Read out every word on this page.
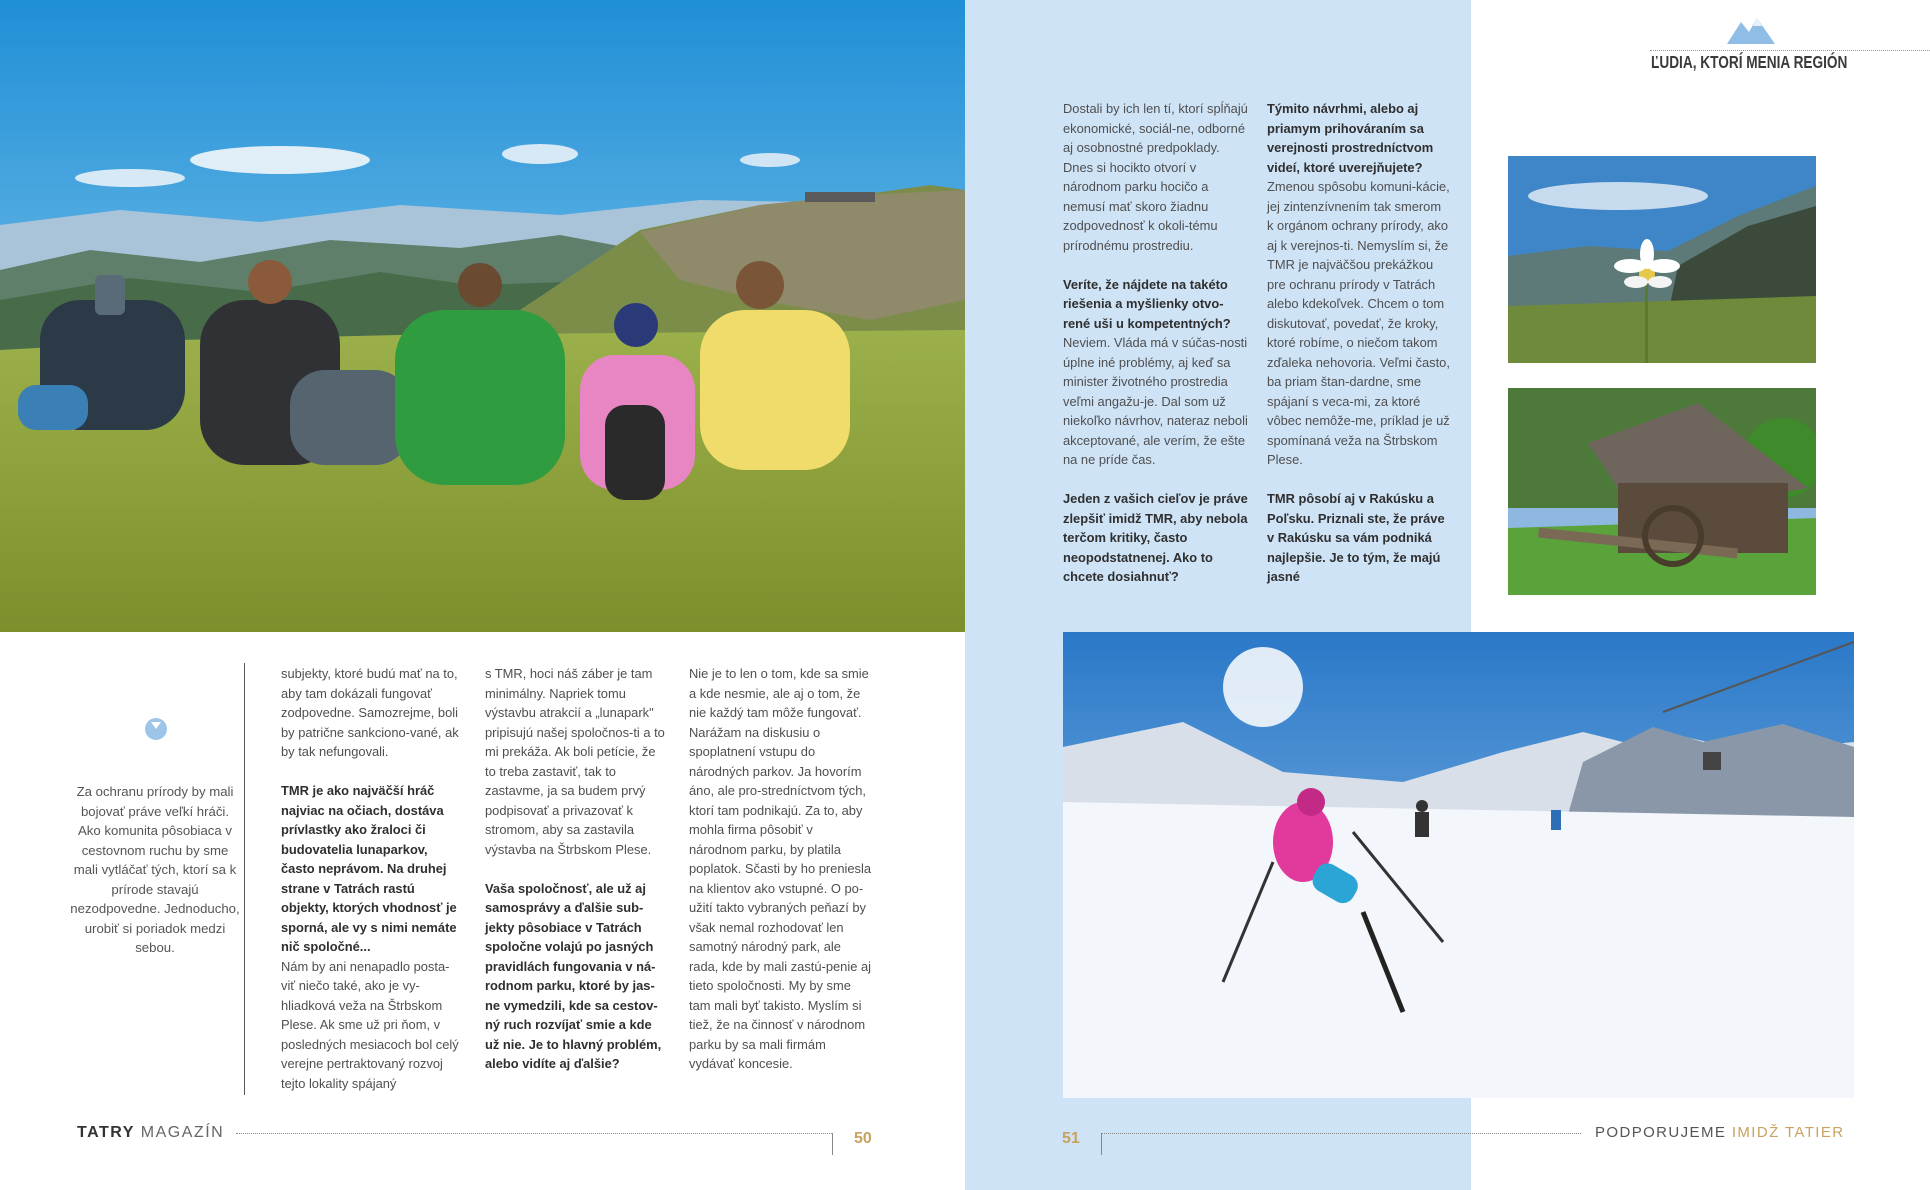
Za ochranu prírody by mali bojovať práve veľkí hráči. Ako komunita pôsobiaca v cestovnom ruchu by sme mali vytláčať tých, ktorí sa k prírode stavajú nezodpovedne. Jednoducho, urobiť si poriadok medzi sebou.

subjekty, ktoré budú mať na to, aby tam dokázali fungovať zodpovedne. Samozrejme, boli by patrične sankciono-vané, ak by tak nefungovali.

TMR je ako najväčší hráč najviac na očiach, dostáva prívlastky ako žraloci či budovatelia lunaparkov, často neprávom. Na druhej strane v Tatrách rastú objekty, ktorých vhodnosť je sporná, ale vy s nimi nemáte nič spoločné...

Nám by ani nenapadlo posta-viť niečo také, ako je vy-hliadková veža na Štrbskom Plese. Ak sme už pri ňom, v posledných mesiacoch bol celý verejne pertraktovaný rozvoj tejto lokality spájaný

s TMR, hoci náš záber je tam minimálny. Napriek tomu výstavbu atrakcií a „lunapark" pripisujú našej spoločnos-ti a to mi prekáža. Ak boli petície, že to treba zastaviť, tak to zastavme, ja sa budem prvý podpisovať a privazovať k stromom, aby sa zastavila výstavba na Štrbskom Plese.

Vaša spoločnosť, ale už aj samosprávy a ďalšie sub-jekty pôsobiace v Tatrách spoločne volajú po jasných pravidlách fungovania v ná-rodnom parku, ktoré by jas-ne vymedzili, kde sa cestov-ný ruch rozvíjať smie a kde už nie. Je to hlavný problém, alebo vidíte aj ďalšie?

Nie je to len o tom, kde sa smie a kde nesmie, ale aj o tom, že nie každý tam môže fungovať. Narážam na diskusiu o spoplatnení vstupu do národných parkov. Ja hovorím áno, ale pro-stredníctvom tých, ktorí tam podnikajú. Za to, aby mohla firma pôsobiť v národnom parku, by platila poplatok. Sčasti by ho preniesla na klientov ako vstupné. O po-užití takto vybraných peňazí by však nemal rozhodovať len samotný národný park, ale rada, kde by mali zastú-penie aj tieto spoločnosti. My by sme tam mali byť takisto. Myslím si tiež, že na činnosť v národnom parku by sa mali firmám vydávať koncesie.

TATRY MAGAZÍN	50
ĽUDIA, KTORÍ MENIA REGIÓN

Dostali by ich len tí, ktorí spĺňajú ekonomické, sociál-ne, odborné aj osobnostné predpoklady. Dnes si hocikto otvorí v národnom parku hocičo a nemusí mať skoro žiadnu zodpovednosť k okoli-tému prírodnému prostrediu.

Veríte, že nájdete na takéto riešenia a myšlienky otvo-rené uši u kompetentných?

Neviem. Vláda má v súčas-nosti úplne iné problémy, aj keď sa minister životného prostredia veľmi angažu-je. Dal som už niekoľko návrhov, nateraz neboli akceptované, ale verím, že ešte na ne príde čas.

Jeden z vašich cieľov je práve zlepšiť imidž TMR, aby nebola terčom kritiky, často neopodstatnenej. Ako to chcete dosiahnuť?

Týmito návrhmi, alebo aj priamym prihováraním sa verejnosti prostredníctvom videí, ktoré uverejňujete?

Zmenou spôsobu komuni-kácie, jej zintenzívnením tak smerom k orgánom ochrany prírody, ako aj k verejnos-ti. Nemyslím si, že TMR je najväčšou prekážkou pre ochranu prírody v Tatrách alebo kdekoľvek. Chcem o tom diskutovať, povedať, že kroky, ktoré robíme, o niečom takom zďaleka nehovoria. Veľmi často, ba priam štan-dardne, sme spájaní s veca-mi, za ktoré vôbec nemôže-me, príklad je už spomínaná veža na Štrbskom Plese.

TMR pôsobí aj v Rakúsku a Poľsku. Priznali ste, že práve v Rakúsku sa vám podniká najlepšie. Je to tým, že majú jasné

51	PODPORUJEME IMIDŽ TATIER
